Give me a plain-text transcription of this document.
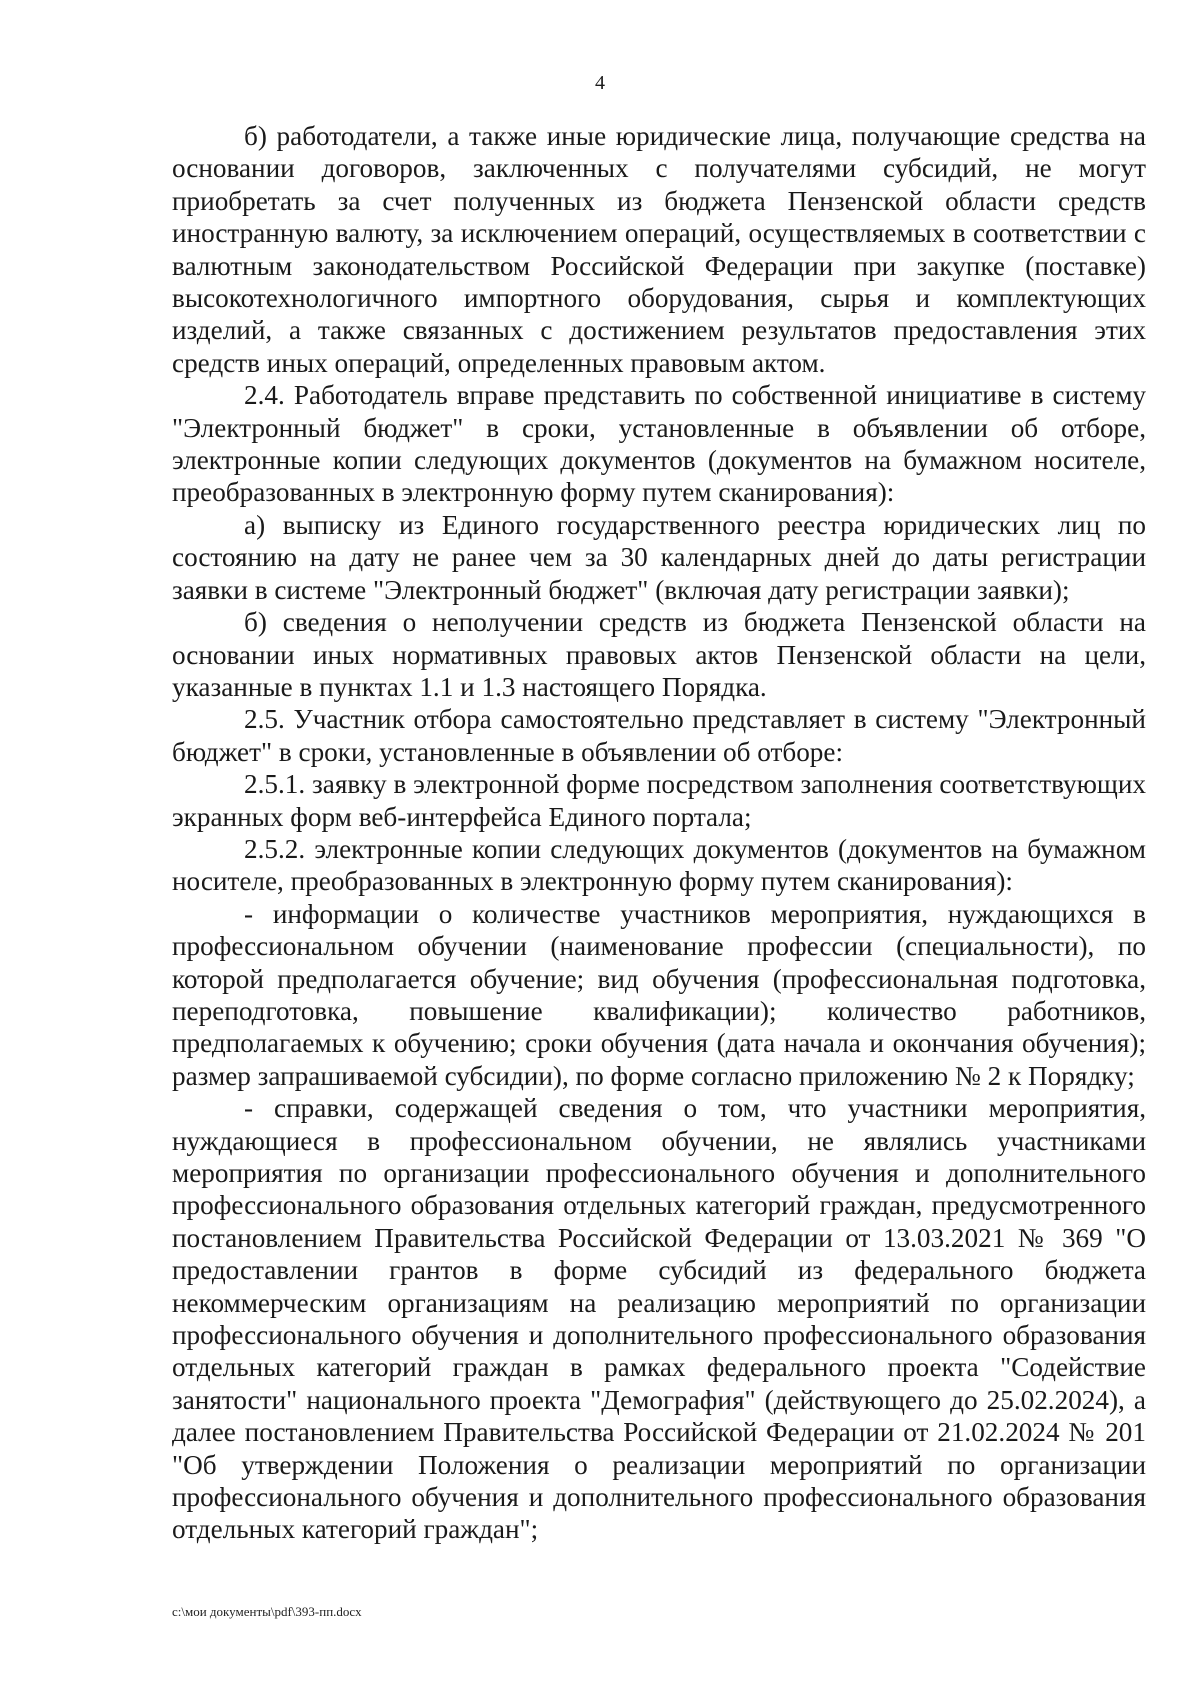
4

б) работодатели, а также иные юридические лица, получающие средства на основании договоров, заключенных с получателями субсидий, не могут приобретать за счет полученных из бюджета Пензенской области средств иностранную валюту, за исключением операций, осуществляемых в соответствии с валютным законодательством Российской Федерации при закупке (поставке) высокотехнологичного импортного оборудования, сырья и комплектующих изделий, а также связанных с достижением результатов предоставления этих средств иных операций, определенных правовым актом.

2.4. Работодатель вправе представить по собственной инициативе в систему "Электронный бюджет" в сроки, установленные в объявлении об отборе, электронные копии следующих документов (документов на бумажном носителе, преобразованных в электронную форму путем сканирования):

а) выписку из Единого государственного реестра юридических лиц по состоянию на дату не ранее чем за 30 календарных дней до даты регистрации заявки в системе "Электронный бюджет" (включая дату регистрации заявки);

б) сведения о неполучении средств из бюджета Пензенской области на основании иных нормативных правовых актов Пензенской области на цели, указанные в пунктах 1.1 и 1.3 настоящего Порядка.

2.5. Участник отбора самостоятельно представляет в систему "Электронный бюджет" в сроки, установленные в объявлении об отборе:

2.5.1. заявку в электронной форме посредством заполнения соответствующих экранных форм веб-интерфейса Единого портала;

2.5.2. электронные копии следующих документов (документов на бумажном носителе, преобразованных в электронную форму путем сканирования):

- информации о количестве участников мероприятия, нуждающихся в профессиональном обучении (наименование профессии (специальности), по которой предполагается обучение; вид обучения (профессиональная подготовка, переподготовка, повышение квалификации); количество работников, предполагаемых к обучению; сроки обучения (дата начала и окончания обучения); размер запрашиваемой субсидии), по форме согласно приложению № 2 к Порядку;

- справки, содержащей сведения о том, что участники мероприятия, нуждающиеся в профессиональном обучении, не являлись участниками мероприятия по организации профессионального обучения и дополнительного профессионального образования отдельных категорий граждан, предусмотренного постановлением Правительства Российской Федерации от 13.03.2021 № 369 "О предоставлении грантов в форме субсидий из федерального бюджета некоммерческим организациям на реализацию мероприятий по организации профессионального обучения и дополнительного профессионального образования отдельных категорий граждан в рамках федерального проекта "Содействие занятости" национального проекта "Демография" (действующего до 25.02.2024), а далее постановлением Правительства Российской Федерации от 21.02.2024 № 201 "Об утверждении Положения о реализации мероприятий по организации профессионального обучения и дополнительного профессионального образования отдельных категорий граждан";

c:\мои документы\pdf\393-пп.docx
